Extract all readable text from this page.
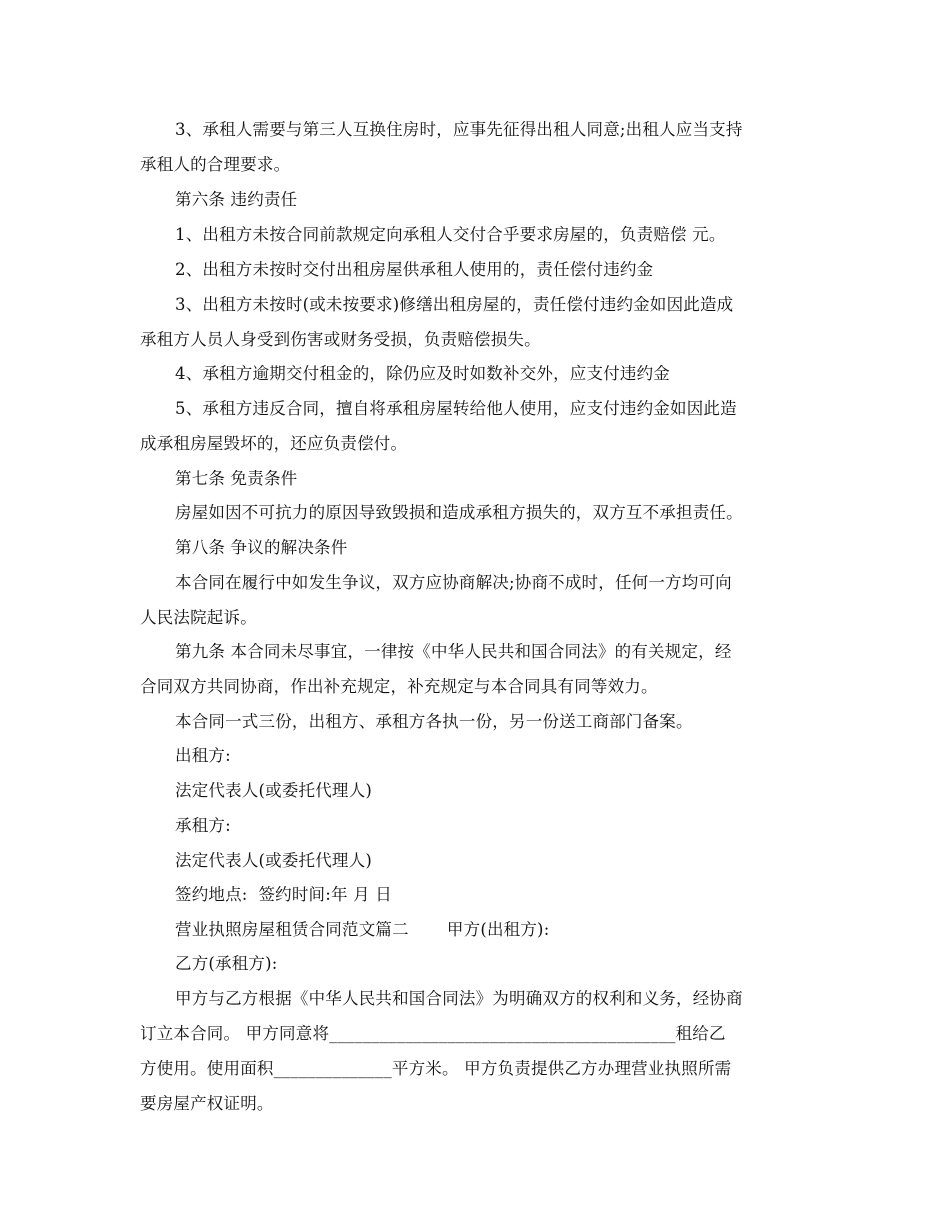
3、承租人需要与第三人互换住房时，应事先征得出租人同意;出租人应当支持
承租人的合理要求。
第六条 违约责任
1、出租方未按合同前款规定向承租人交付合乎要求房屋的，负责赔偿 元。
2、出租方未按时交付出租房屋供承租人使用的，责任偿付违约金
3、出租方未按时(或未按要求)修缮出租房屋的，责任偿付违约金如因此造成
承租方人员人身受到伤害或财务受损，负责赔偿损失。
4、承租方逾期交付租金的，除仍应及时如数补交外，应支付违约金
5、承租方违反合同，擅自将承租房屋转给他人使用，应支付违约金如因此造
成承租房屋毁坏的，还应负责偿付。
第七条 免责条件
房屋如因不可抗力的原因导致毁损和造成承租方损失的，双方互不承担责任。
第八条 争议的解决条件
本合同在履行中如发生争议，双方应协商解决;协商不成时，任何一方均可向
人民法院起诉。
第九条 本合同未尽事宜，一律按《中华人民共和国合同法》的有关规定，经
合同双方共同协商，作出补充规定，补充规定与本合同具有同等效力。
本合同一式三份，出租方、承租方各执一份，另一份送工商部门备案。
出租方:
法定代表人(或委托代理人)
承租方:
法定代表人(或委托代理人)
签约地点:  签约时间:年 月 日
营业执照房屋租赁合同范文篇二       甲方(出租方):
乙方(承租方):
甲方与乙方根据《中华人民共和国合同法》为明确双方的权利和义务，经协商
订立本合同。 甲方同意将_________________________________________租给乙
方使用。使用面积______________平方米。 甲方负责提供乙方办理营业执照所需
要房屋产权证明。
